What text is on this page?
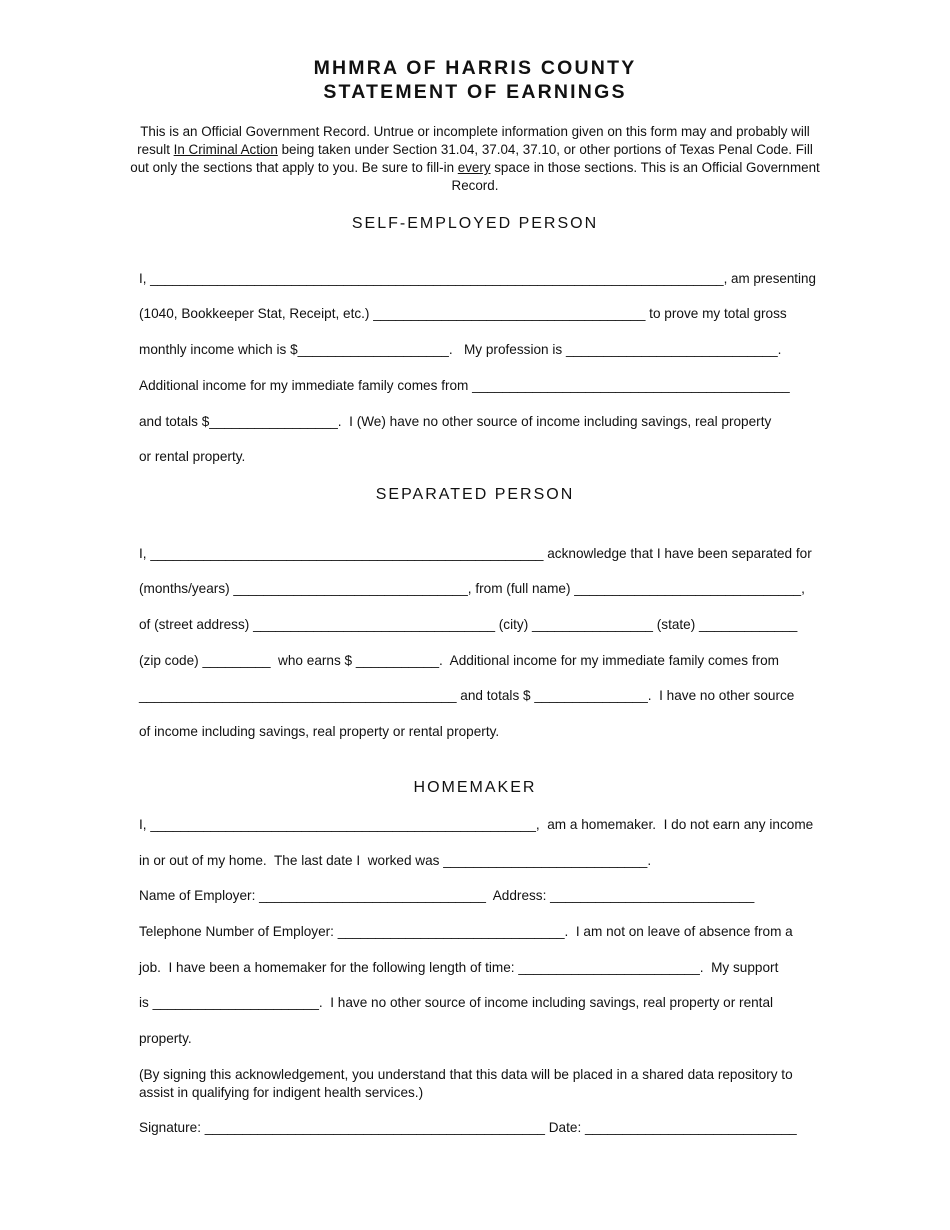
MHMRA OF HARRIS COUNTY
STATEMENT OF EARNINGS

This is an Official Government Record. Untrue or incomplete information given on this form may and probably will result In Criminal Action being taken under Section 31.04, 37.04, 37.10, or other portions of Texas Penal Code. Fill out only the sections that apply to you. Be sure to fill-in every space in those sections. This is an Official Government Record.

SELF-EMPLOYED PERSON

I, _____________________________________________________________________________, am presenting

(1040, Bookkeeper Stat, Receipt, etc.) ____________________________________ to prove my total gross

monthly income which is $____________________.   My profession is ____________________________.

Additional income for my immediate family comes from __________________________________________

and totals $_________________.  I (We) have no other source of income including savings, real property

or rental property.

SEPARATED PERSON

I, ____________________________________________________ acknowledge that I have been separated for

(months/years) _______________________________, from (full name) ______________________________,

of (street address) ________________________________ (city) ________________ (state) _____________

(zip code) _________  who earns $ ___________.  Additional income for my immediate family comes from

__________________________________________ and totals $ _______________.  I have no other source

of income including savings, real property or rental property.

HOMEMAKER

I, ___________________________________________________,  am a homemaker.  I do not earn any income

in or out of my home.  The last date I  worked was ___________________________.

Name of Employer: ______________________________  Address: ___________________________

Telephone Number of Employer: ______________________________.  I am not on leave of absence from a

job.  I have been a homemaker for the following length of time: ________________________.  My support

is ______________________.  I have no other source of income including savings, real property or rental

property.

(By signing this acknowledgement, you understand that this data will be placed in a shared data repository to assist in qualifying for indigent health services.)

Signature: _____________________________________________ Date: ____________________________
